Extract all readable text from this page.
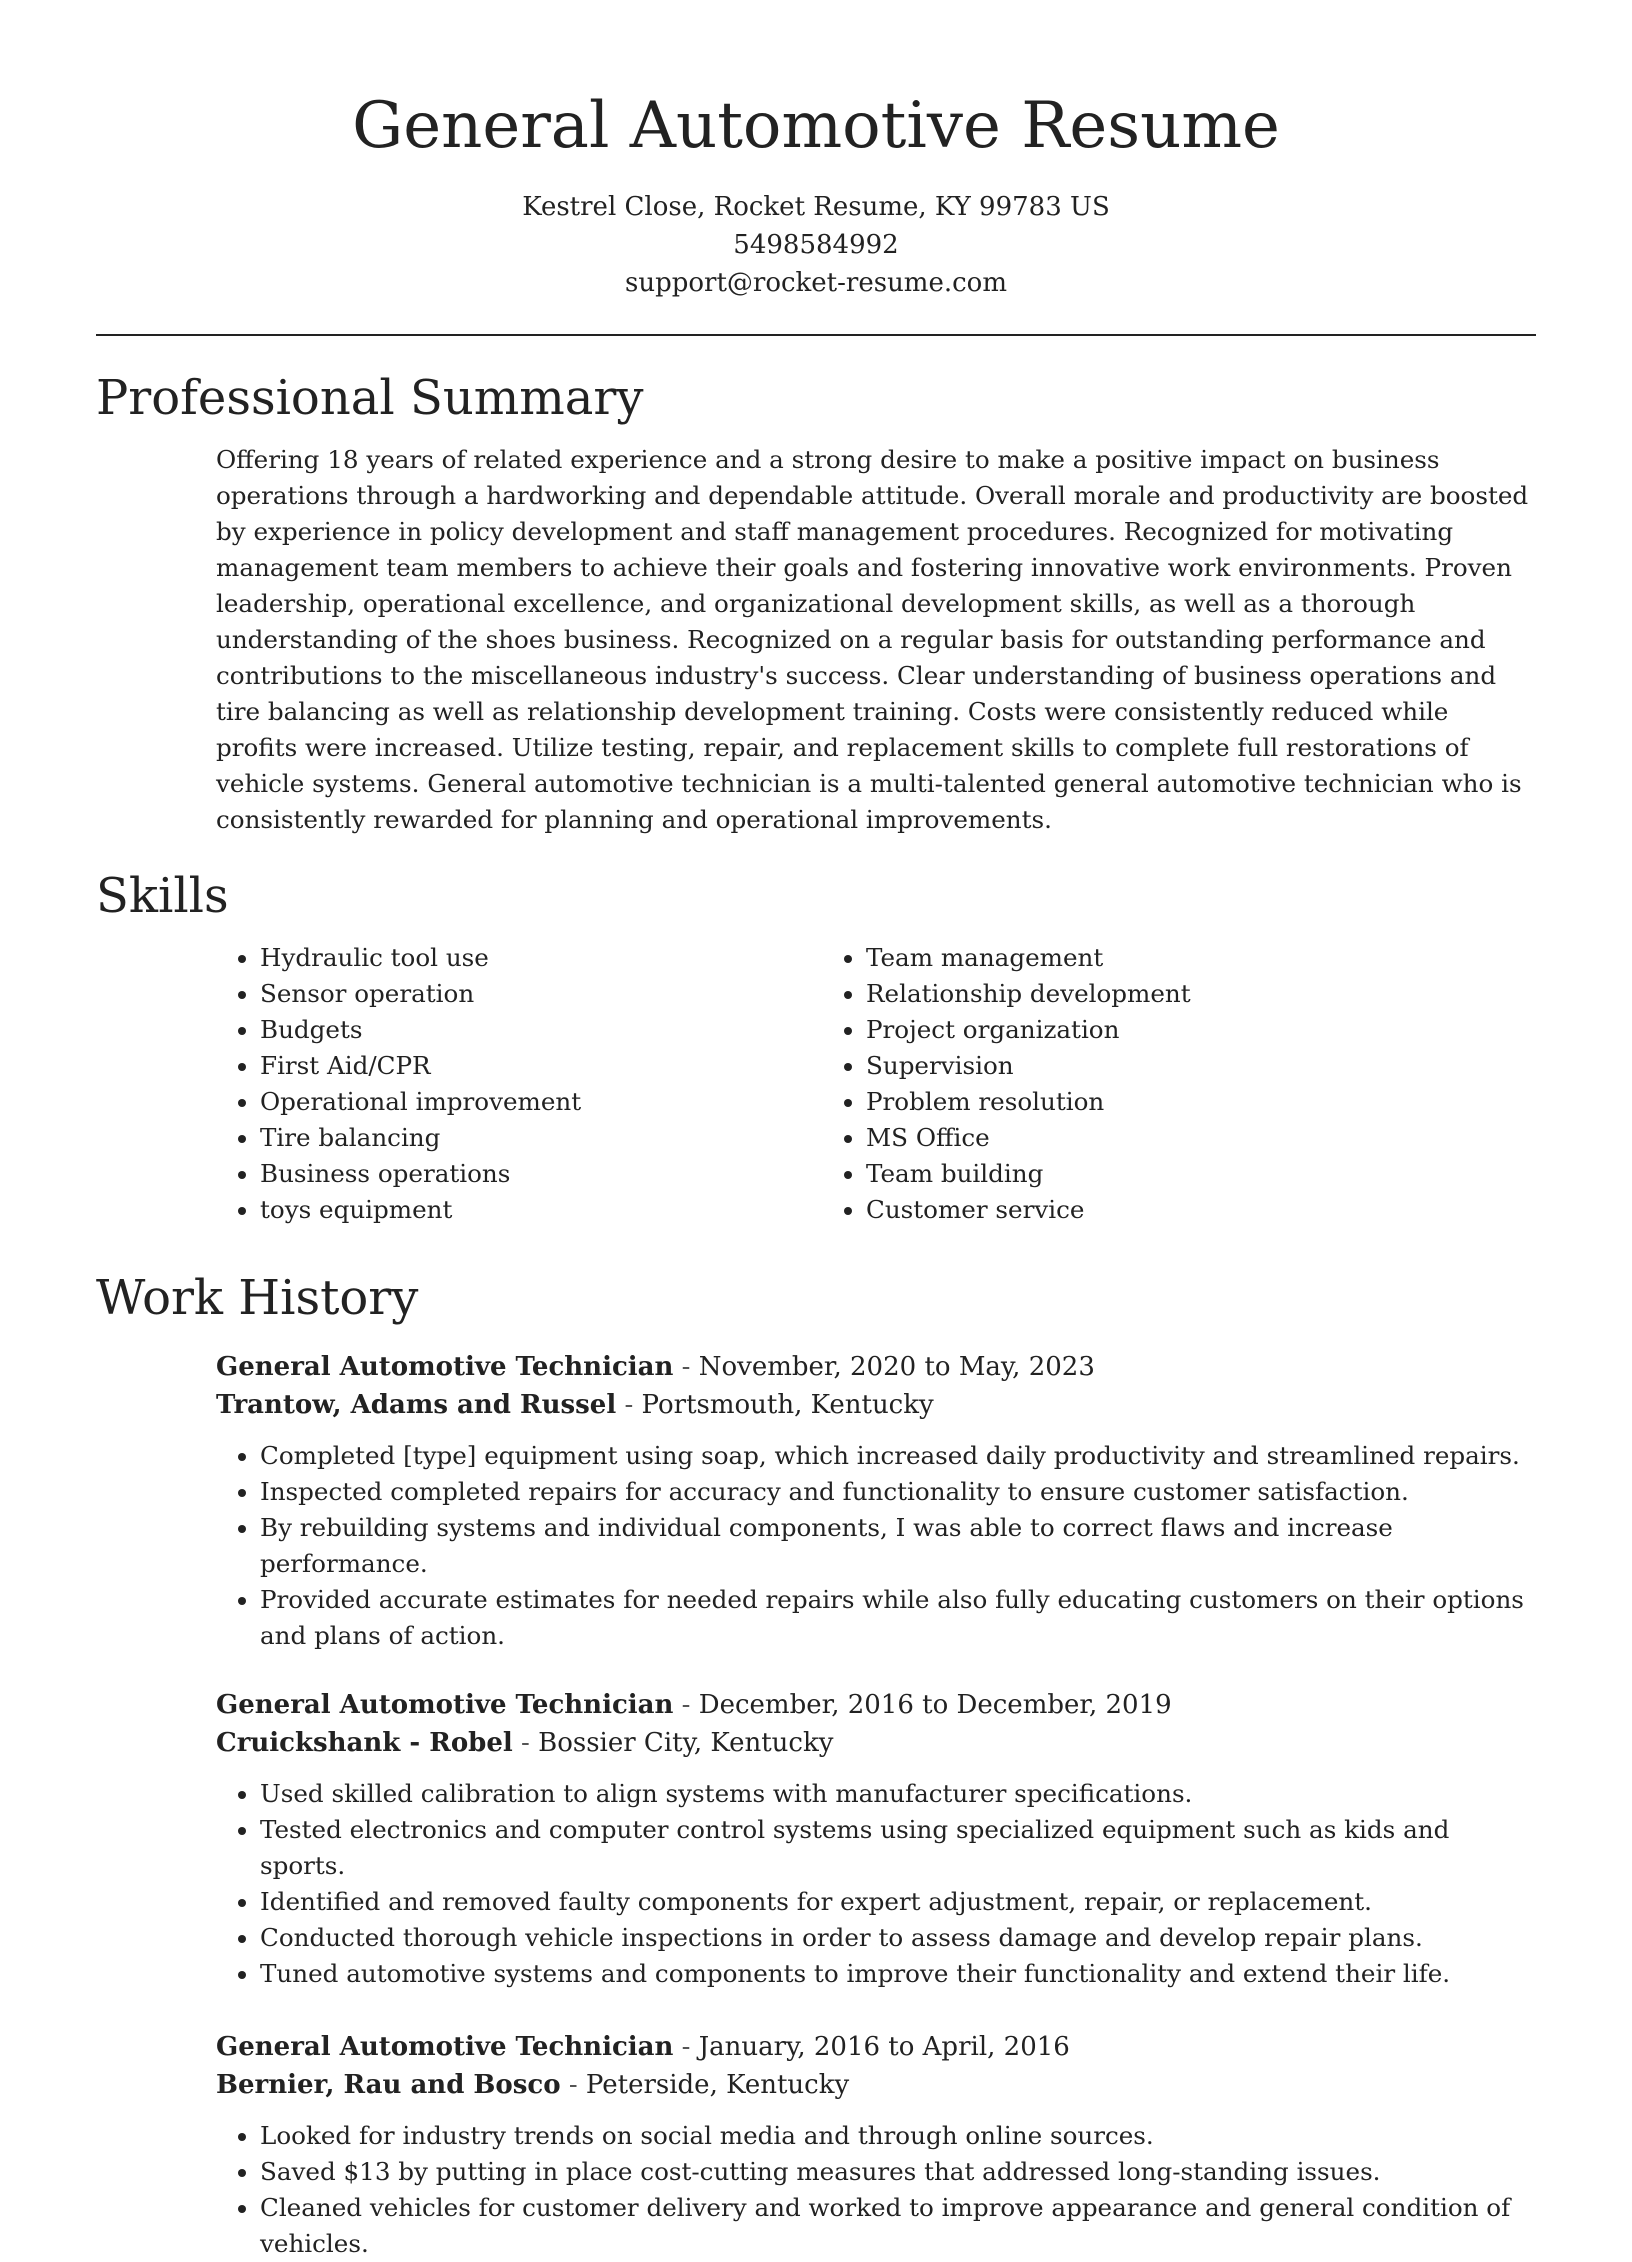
General Automotive Resume

Kestrel Close, Rocket Resume, KY 99783 US

5498584992

support@rocket-resume.com

Professional Summary

Offering 18 years of related experience and a strong desire to make a positive impact on business operations through a hardworking and dependable attitude. Overall morale and productivity are boosted by experience in policy development and staff management procedures. Recognized for motivating management team members to achieve their goals and fostering innovative work environments. Proven leadership, operational excellence, and organizational development skills, as well as a thorough understanding of the shoes business. Recognized on a regular basis for outstanding performance and contributions to the miscellaneous industry's success. Clear understanding of business operations and tire balancing as well as relationship development training. Costs were consistently reduced while profits were increased. Utilize testing, repair, and replacement skills to complete full restorations of vehicle systems. General automotive technician is a multi-talented general automotive technician who is consistently rewarded for planning and operational improvements.

Skills
• Hydraulic tool use
• Sensor operation
• Budgets
• First Aid/CPR
• Operational improvement
• Tire balancing
• Business operations
• toys equipment
• Team management
• Relationship development
• Project organization
• Supervision
• Problem resolution
• MS Office
• Team building
• Customer service
Work History

General Automotive Technician - November, 2020 to May, 2023

Trantow, Adams and Russel - Portsmouth, Kentucky

• Completed [type] equipment using soap, which increased daily productivity and streamlined repairs.
• Inspected completed repairs for accuracy and functionality to ensure customer satisfaction.
• By rebuilding systems and individual components, I was able to correct flaws and increase performance.
• Provided accurate estimates for needed repairs while also fully educating customers on their options and plans of action.

General Automotive Technician - December, 2016 to December, 2019

Cruickshank - Robel - Bossier City, Kentucky

• Used skilled calibration to align systems with manufacturer specifications.
• Tested electronics and computer control systems using specialized equipment such as kids and sports.
• Identified and removed faulty components for expert adjustment, repair, or replacement.
• Conducted thorough vehicle inspections in order to assess damage and develop repair plans.
• Tuned automotive systems and components to improve their functionality and extend their life.

General Automotive Technician - January, 2016 to April, 2016

Bernier, Rau and Bosco - Peterside, Kentucky

• Looked for industry trends on social media and through online sources.
• Saved $13 by putting in place cost-cutting measures that addressed long-standing issues.
• Cleaned vehicles for customer delivery and worked to improve appearance and general condition of vehicles.
